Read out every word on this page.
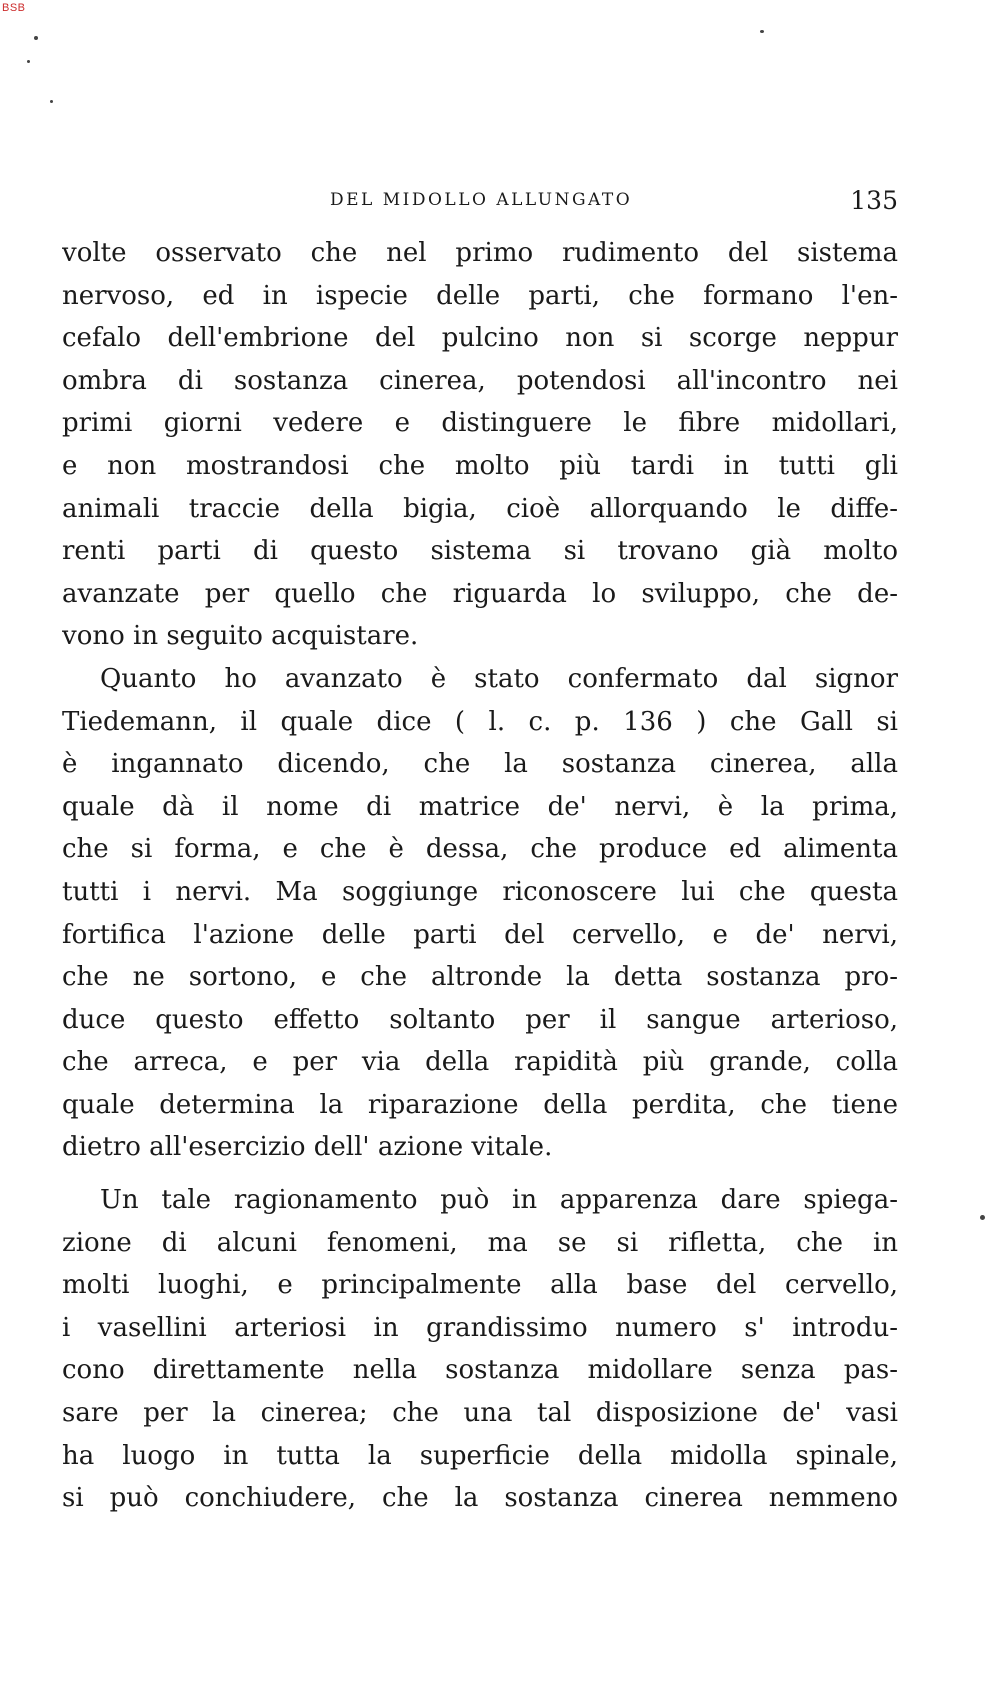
BSB
DEL MIDOLLO ALLUNGATO	135
volte osservato che nel primo rudimento del sistema
nervoso, ed in ispecie delle parti, che formano l'en-
cefalo dell'embrione del pulcino non si scorge neppur
ombra di sostanza cinerea, potendosi all'incontro nei
primi giorni vedere e distinguere le fibre midollari,
e non mostrandosi che molto più tardi in tutti gli
animali traccie della bigia, cioè allorquando le diffe-
renti parti di questo sistema si trovano già molto
avanzate per quello che riguarda lo sviluppo, che de-
vono in seguito acquistare.
Quanto ho avanzato è stato confermato dal signor
Tiedemann, il quale dice ( l. c. p. 136 ) che Gall si
è ingannato dicendo, che la sostanza cinerea, alla
quale dà il nome di matrice de' nervi, è la prima,
che si forma, e che è dessa, che produce ed alimenta
tutti i nervi. Ma soggiunge riconoscere lui che questa
fortifica l'azione delle parti del cervello, e de' nervi,
che ne sortono, e che altronde la detta sostanza pro-
duce questo effetto soltanto per il sangue arterioso,
che arreca, e per via della rapidità più grande, colla
quale determina la riparazione della perdita, che tiene
dietro all'esercizio dell' azione vitale.
Un tale ragionamento può in apparenza dare spiega-
zione di alcuni fenomeni, ma se si rifletta, che in
molti luoghi, e principalmente alla base del cervello,
i vasellini arteriosi in grandissimo numero s' introdu-
cono direttamente nella sostanza midollare senza pas-
sare per la cinerea; che una tal disposizione de' vasi
ha luogo in tutta la superficie della midolla spinale,
si può conchiudere, che la sostanza cinerea nemmeno
